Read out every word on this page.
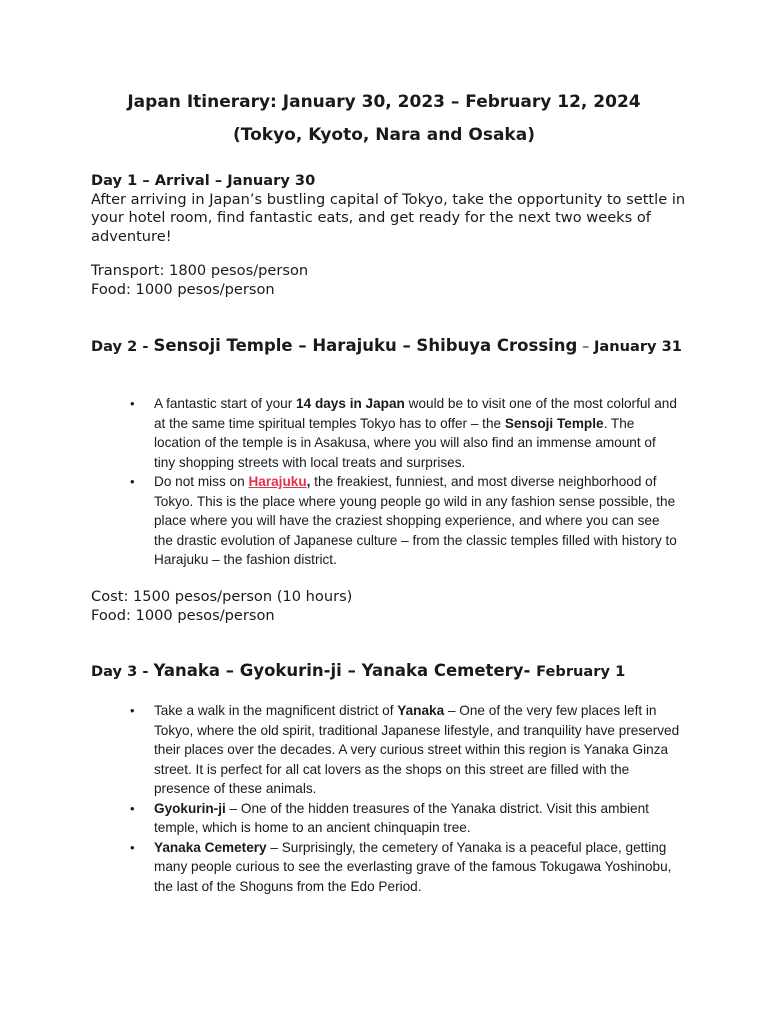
Japan Itinerary: January 30, 2023 – February 12, 2024
(Tokyo, Kyoto, Nara and Osaka)

Day 1 – Arrival – January 30

After arriving in Japan’s bustling capital of Tokyo, take the opportunity to settle in your hotel room, find fantastic eats, and get ready for the next two weeks of adventure!

Transport: 1800 pesos/person

Food: 1000 pesos/person

Day 2 - Sensoji Temple – Harajuku – Shibuya Crossing – January 31

• A fantastic start of your 14 days in Japan would be to visit one of the most colorful and at the same time spiritual temples Tokyo has to offer – the Sensoji Temple. The location of the temple is in Asakusa, where you will also find an immense amount of tiny shopping streets with local treats and surprises.
• Do not miss on Harajuku, the freakiest, funniest, and most diverse neighborhood of Tokyo. This is the place where young people go wild in any fashion sense possible, the place where you will have the craziest shopping experience, and where you can see the drastic evolution of Japanese culture – from the classic temples filled with history to Harajuku – the fashion district.

Cost: 1500 pesos/person (10 hours)

Food: 1000 pesos/person

Day 3 - Yanaka – Gyokurin-ji – Yanaka Cemetery- February 1

• Take a walk in the magnificent district of Yanaka – One of the very few places left in Tokyo, where the old spirit, traditional Japanese lifestyle, and tranquility have preserved their places over the decades. A very curious street within this region is Yanaka Ginza street. It is perfect for all cat lovers as the shops on this street are filled with the presence of these animals.
• Gyokurin-ji – One of the hidden treasures of the Yanaka district. Visit this ambient temple, which is home to an ancient chinquapin tree.
• Yanaka Cemetery – Surprisingly, the cemetery of Yanaka is a peaceful place, getting many people curious to see the everlasting grave of the famous Tokugawa Yoshinobu, the last of the Shoguns from the Edo Period.
